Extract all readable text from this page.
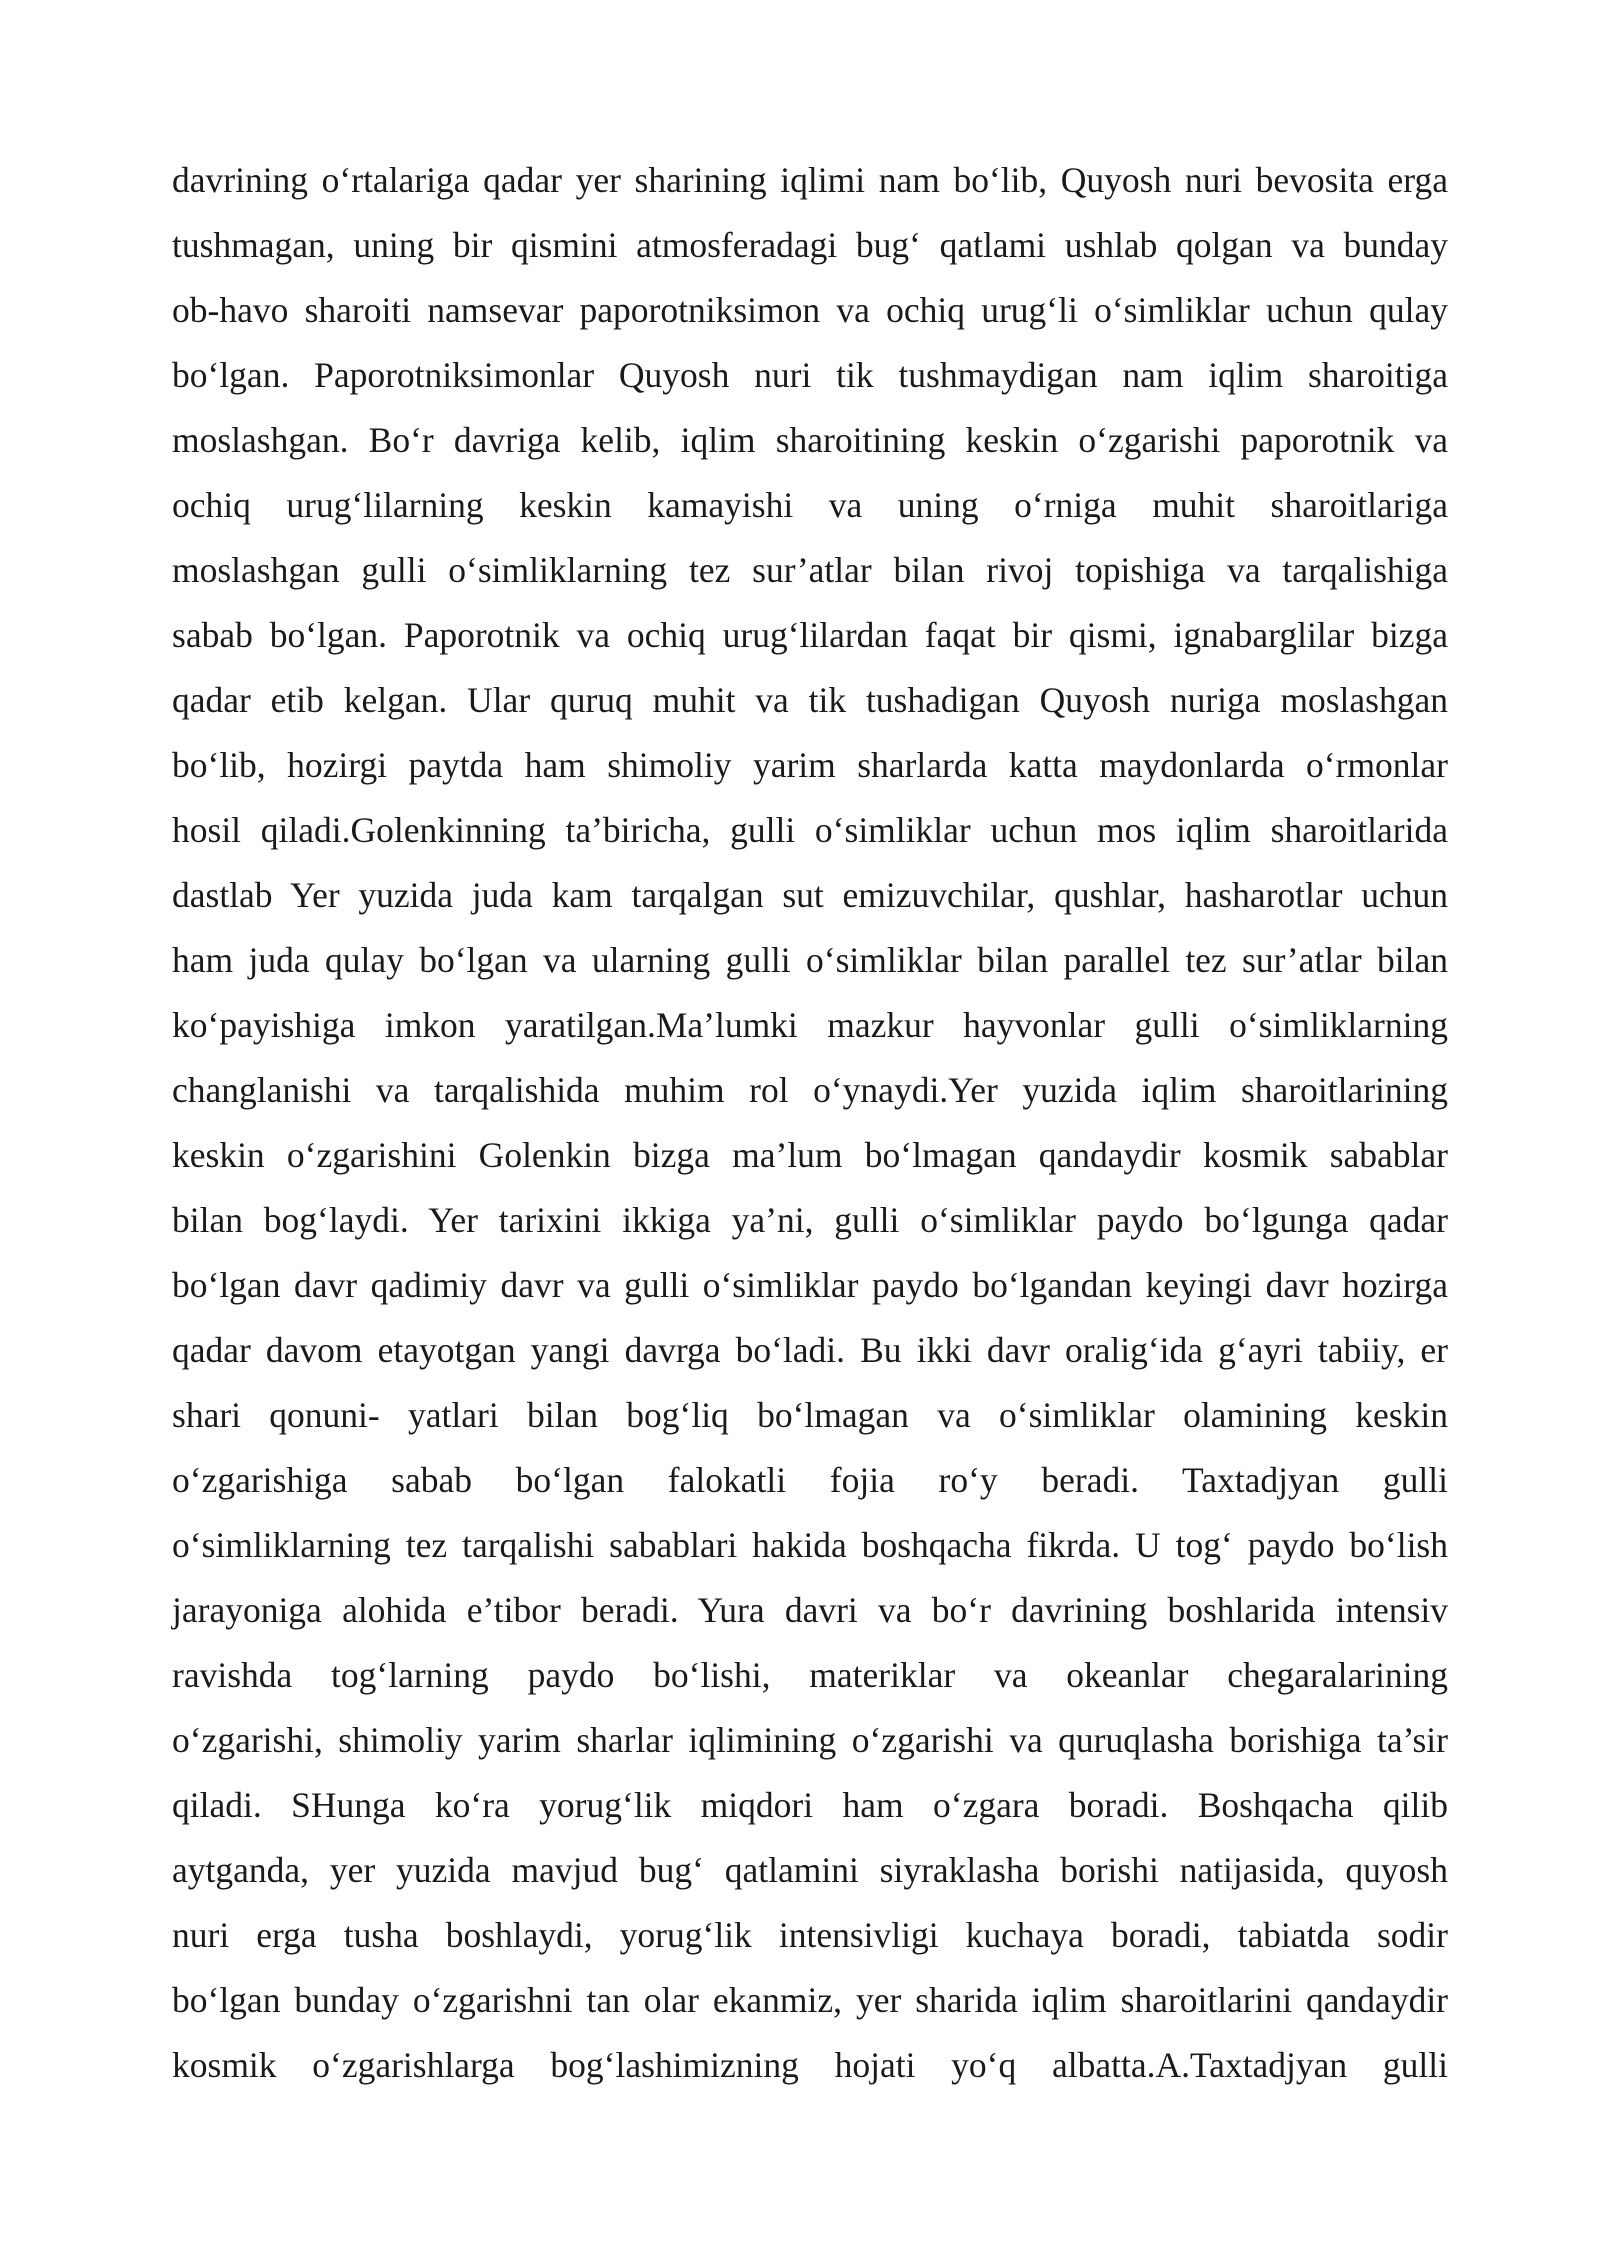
davrining o‘rtalariga qadar yer sharining iqlimi nam bo‘lib, Quyosh nuri bevosita erga
tushmagan, uning bir qismini atmosferadagi bug‘ qatlami ushlab qolgan va bunday
ob-havo sharoiti namsevar paporotniksimon va ochiq urug‘li o‘simliklar uchun qulay
bo‘lgan. Paporotniksimonlar Quyosh nuri tik tushmaydigan nam iqlim sharoitiga
moslashgan. Bo‘r davriga kelib, iqlim sharoitining keskin o‘zgarishi paporotnik va
ochiq urug‘lilarning keskin kamayishi va uning o‘rniga muhit sharoitlariga
moslashgan gulli o‘simliklarning tez sur’atlar bilan rivoj topishiga va tarqalishiga
sabab bo‘lgan. Paporotnik va ochiq urug‘lilardan faqat bir qismi, ignabarglilar bizga
qadar etib kelgan. Ular quruq muhit va tik tushadigan Quyosh nuriga moslashgan
bo‘lib, hozirgi paytda ham shimoliy yarim sharlarda katta maydonlarda o‘rmonlar
hosil qiladi.Golenkinning ta’biricha, gulli o‘simliklar uchun mos iqlim sharoitlarida
dastlab Yer yuzida juda kam tarqalgan sut emizuvchilar, qushlar, hasharotlar uchun
ham juda qulay bo‘lgan va ularning gulli o‘simliklar bilan parallel tez sur’atlar bilan
ko‘payishiga imkon yaratilgan.Ma’lumki mazkur hayvonlar gulli o‘simliklarning
changlanishi va tarqalishida muhim rol o‘ynaydi.Yer yuzida iqlim sharoitlarining
keskin o‘zgarishini Golenkin bizga ma’lum bo‘lmagan qandaydir kosmik sabablar
bilan bog‘laydi. Yer tarixini ikkiga ya’ni, gulli o‘simliklar paydo bo‘lgunga qadar
bo‘lgan davr qadimiy davr va gulli o‘simliklar paydo bo‘lgandan keyingi davr hozirga
qadar davom etayotgan yangi davrga bo‘ladi. Bu ikki davr oralig‘ida g‘ayri tabiiy, er
shari qonuni- yatlari bilan bog‘liq bo‘lmagan va o‘simliklar olamining keskin
o‘zgarishiga sabab bo‘lgan falokatli fojia ro‘y beradi. Taxtadjyan gulli
o‘simliklarning tez tarqalishi sabablari hakida boshqacha fikrda. U tog‘ paydo bo‘lish
jarayoniga alohida e’tibor beradi. Yura davri va bo‘r davrining boshlarida intensiv
ravishda tog‘larning paydo bo‘lishi, materiklar va okeanlar chegaralarining
o‘zgarishi, shimoliy yarim sharlar iqlimining o‘zgarishi va quruqlasha borishiga ta’sir
qiladi. SHunga ko‘ra yorug‘lik miqdori ham o‘zgara boradi. Boshqacha qilib
aytganda, yer yuzida mavjud bug‘ qatlamini siyraklasha borishi natijasida, quyosh
nuri erga tusha boshlaydi, yorug‘lik intensivligi kuchaya boradi, tabiatda sodir
bo‘lgan bunday o‘zgarishni tan olar ekanmiz, yer sharida iqlim sharoitlarini qandaydir
kosmik o‘zgarishlarga bog‘lashimizning hojati yo‘q albatta.A.Taxtadjyan gulli
